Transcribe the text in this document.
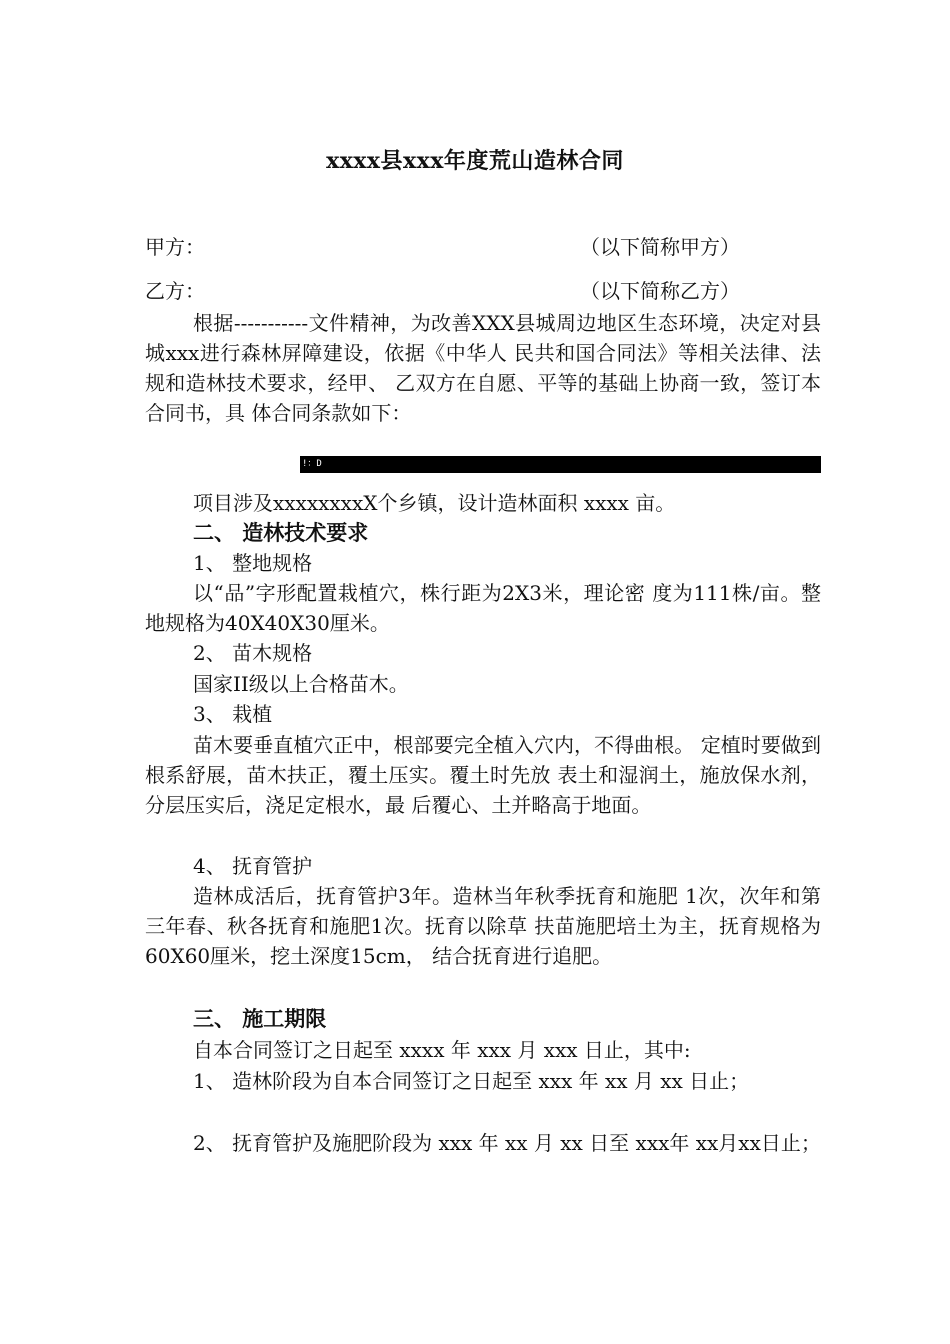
xxxx县xxx年度荒山造林合同
甲方：	（以下简称甲方）
乙方：	（以下简称乙方）
根据-----------文件精神，为改善XXX县城周边地区生态环境，决定对县城xxx进行森林屏障建设，依据《中华人 民共和国合同法》等相关法律、法规和造林技术要求，经甲、 乙双方在自愿、平等的基础上协商一致，签订本合同书，具 体合同条款如下：
!：D
项目涉及xxxxxxxxX个乡镇，设计造林面积 xxxx 亩。
二、 造林技术要求
1、 整地规格
以“品”字形配置栽植穴，株行距为2X3米，理论密 度为111株/亩。整地规格为40X40X30厘米。
2、 苗木规格
国家II级以上合格苗木。
3、 栽植
苗木要垂直植穴正中，根部要完全植入穴内，不得曲根。 定植时要做到根系舒展，苗木扶正，覆土压实。覆土时先放 表土和湿润土，施放保水剂，分层压实后，浇足定根水，最 后覆心、土并略高于地面。
4、 抚育管护
造林成活后，抚育管护3年。造林当年秋季抚育和施肥 1次，次年和第三年春、秋各抚育和施肥1次。抚育以除草 扶苗施肥培土为主，抚育规格为60X60厘米，挖土深度15cm， 结合抚育进行追肥。
三、 施工期限
自本合同签订之日起至 xxxx 年 xxx 月 xxx 日止，其中:
1、 造林阶段为自本合同签订之日起至 xxx 年 xx 月 xx 日止；
2、 抚育管护及施肥阶段为 xxx 年 xx 月 xx 日至 xxx年 xx月xx日止；
